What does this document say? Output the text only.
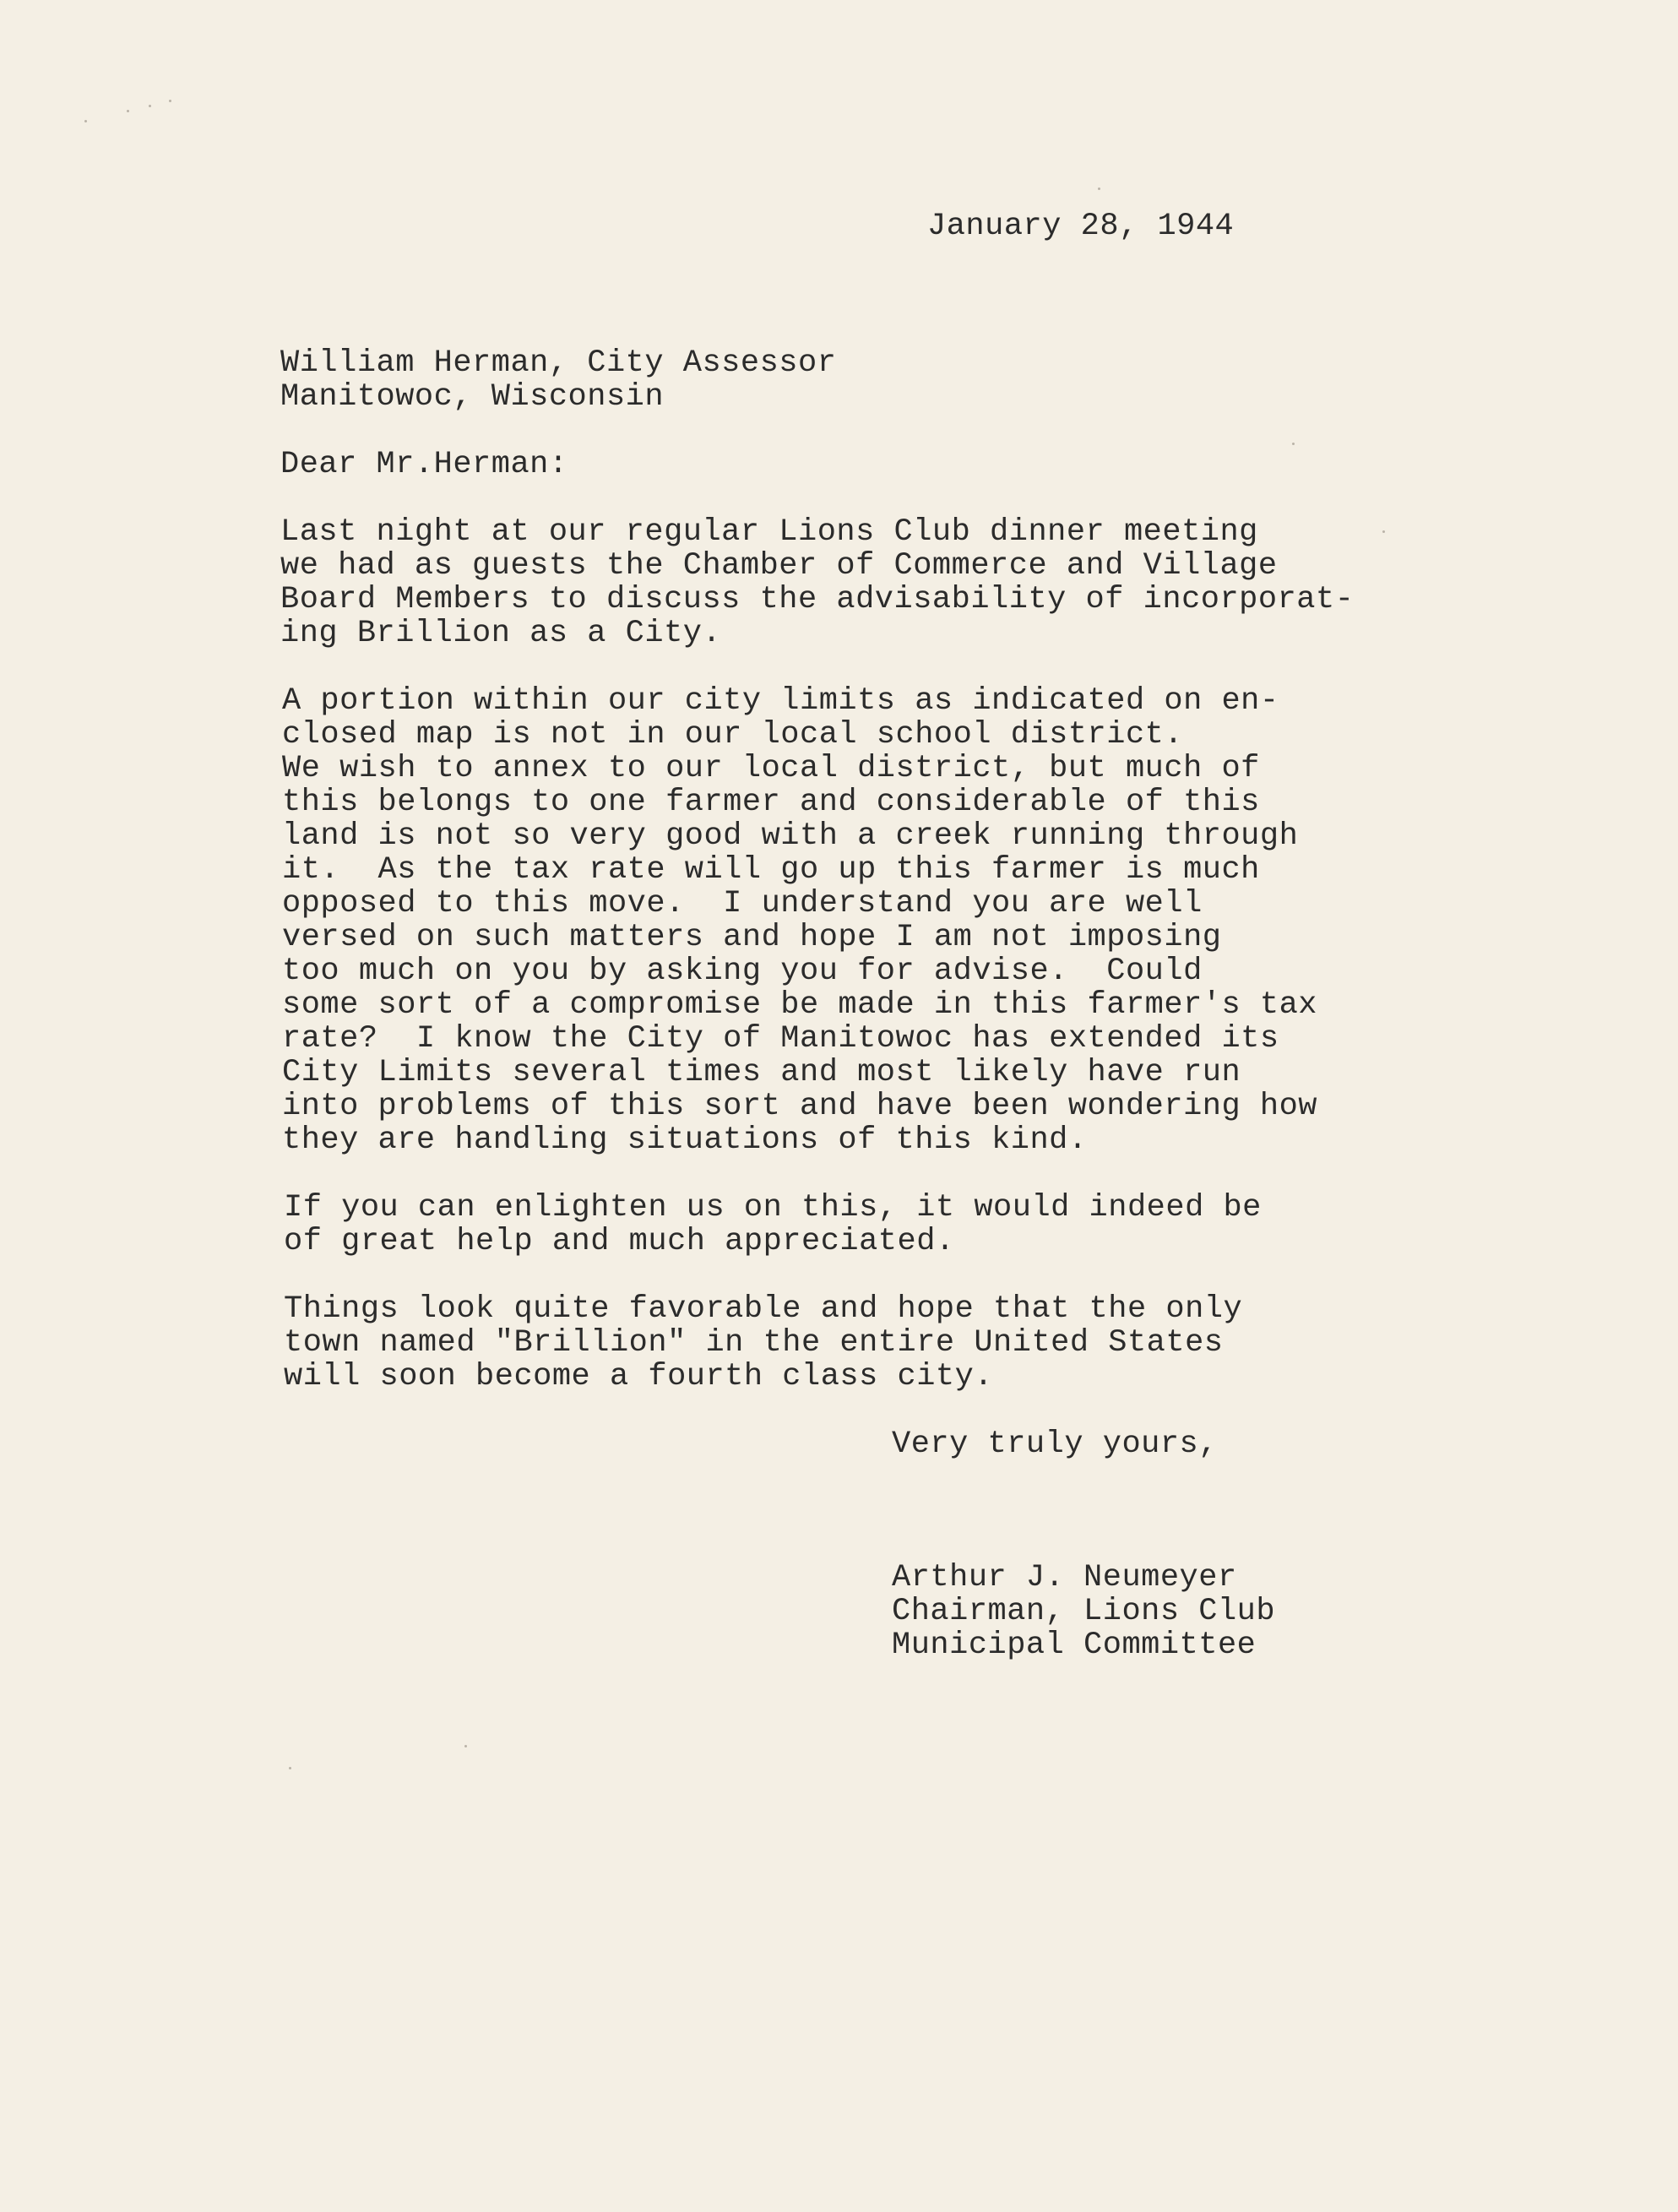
January 28, 1944
William Herman, City Assessor
Manitowoc, Wisconsin
Dear Mr.Herman:
Last night at our regular Lions Club dinner meeting
we had as guests the Chamber of Commerce and Village
Board Members to discuss the advisability of incorporat-
ing Brillion as a City.
A portion within our city limits as indicated on en-
closed map is not in our local school district.
We wish to annex to our local district, but much of
this belongs to one farmer and considerable of this
land is not so very good with a creek running through
it.  As the tax rate will go up this farmer is much
opposed to this move.  I understand you are well
versed on such matters and hope I am not imposing
too much on you by asking you for advise.  Could
some sort of a compromise be made in this farmer's tax
rate?  I know the City of Manitowoc has extended its
City Limits several times and most likely have run
into problems of this sort and have been wondering how
they are handling situations of this kind.
If you can enlighten us on this, it would indeed be
of great help and much appreciated.
Things look quite favorable and hope that the only
town named "Brillion" in the entire United States
will soon become a fourth class city.
Very truly yours,
Arthur J. Neumeyer
Chairman, Lions Club
Municipal Committee
